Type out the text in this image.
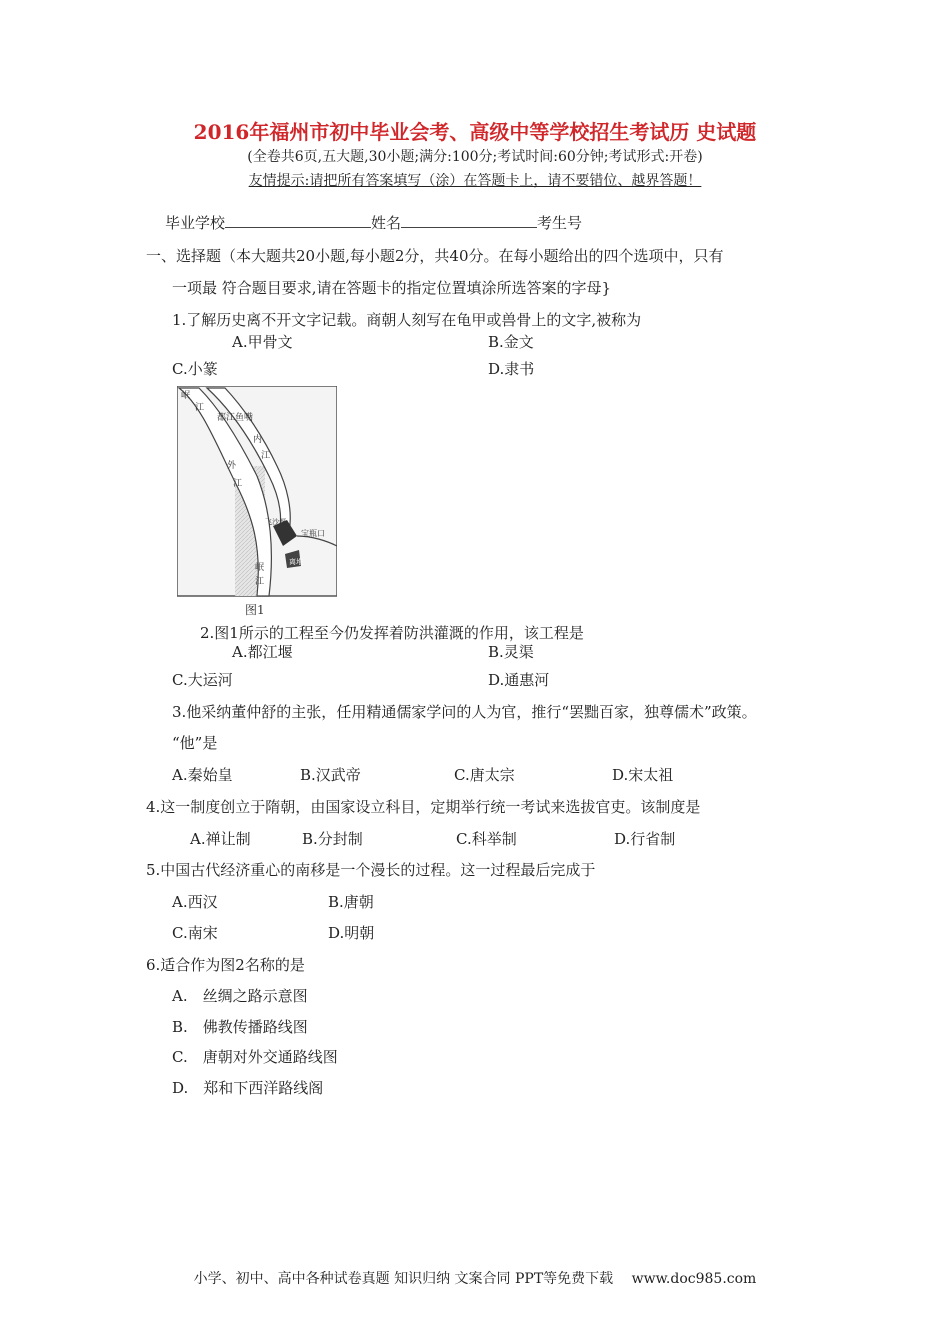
2016年福州市初中毕业会考、高级中等学校招生考试历 史试题
(全卷共6页,五大题,30小题;满分:100分;考试时间:60分钟;考试形式:开卷)
友情提示:请把所有答案填写（涂）在答题卡上，请不要错位、越界答题！
毕业学校	姓名	考生号
一、选择题（本大题共20小题,每小题2分，共40分。在每小题给出的四个选项中，只有
一项最 符合题目要求,请在答题卡的指定位置填涂所选答案的字母}
1.了解历史离不开文字记载。商朝人刻写在龟甲或兽骨上的文字,被称为
A.甲骨文	B.金文
C.小篆	D.隶书
岷
江
都江鱼嘴
内
江
外
江
飞沙堰
宝瓶口
离堆
岷
江
图1
2.图1所示的工程至今仍发挥着防洪灌溉的作用，该工程是
A.都江堰	B.灵渠
C.大运河	D.通惠河
3.他采纳董仲舒的主张，任用精通儒家学问的人为官，推行“罢黜百家，独尊儒术”政策。
“他”是
A.秦始皇	B.汉武帝	C.唐太宗	D.宋太祖
4.这一制度创立于隋朝，由国家设立科目，定期举行统一考试来选拔官吏。该制度是
A.禅让制	B.分封制	C.科举制	D.行省制
5.中国古代经济重心的南移是一个漫长的过程。这一过程最后完成于
A.西汉	B.唐朝
C.南宋	D.明朝
6.适合作为图2名称的是
A.　丝绸之路示意图
B.　佛教传播路线图
C.　唐朝对外交通路线图
D.　郑和下西洋路线阁
小学、初中、高中各种试卷真题 知识归纳 文案合同 PPT等免费下载　 www.doc985.com
